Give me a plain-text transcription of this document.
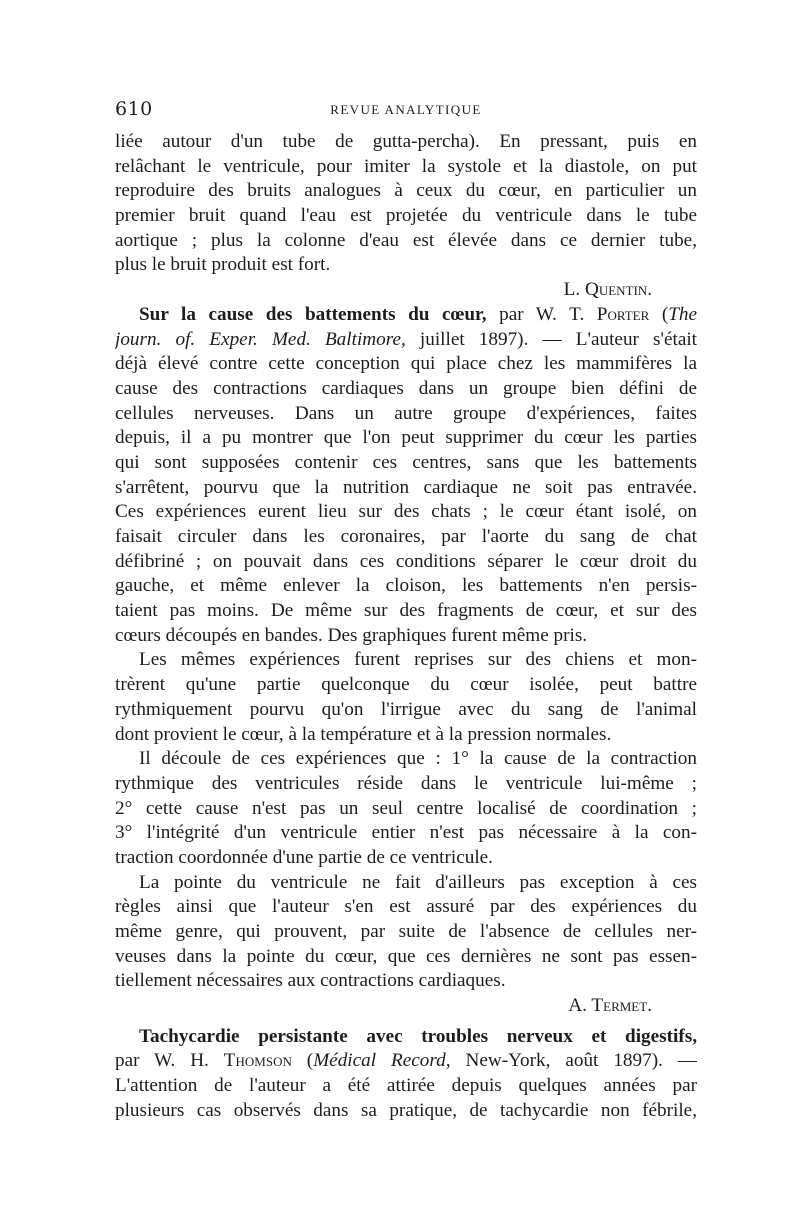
610	REVUE ANALYTIQUE
liée autour d'un tube de gutta-percha). En pressant, puis en
relâchant le ventricule, pour imiter la systole et la diastole, on put
reproduire des bruits analogues à ceux du cœur, en particulier un
premier bruit quand l'eau est projetée du ventricule dans le tube
aortique ; plus la colonne d'eau est élevée dans ce dernier tube,
plus le bruit produit est fort.
L. Quentin.
Sur la cause des battements du cœur, par W. T. Porter (The
journ. of. Exper. Med. Baltimore, juillet 1897). — L'auteur s'était
déjà élevé contre cette conception qui place chez les mammifères la
cause des contractions cardiaques dans un groupe bien défini de
cellules nerveuses. Dans un autre groupe d'expériences, faites
depuis, il a pu montrer que l'on peut supprimer du cœur les parties
qui sont supposées contenir ces centres, sans que les battements
s'arrêtent, pourvu que la nutrition cardiaque ne soit pas entravée.
Ces expériences eurent lieu sur des chats ; le cœur étant isolé, on
faisait circuler dans les coronaires, par l'aorte du sang de chat
défibriné ; on pouvait dans ces conditions séparer le cœur droit du
gauche, et même enlever la cloison, les battements n'en persis-
taient pas moins. De même sur des fragments de cœur, et sur des
cœurs découpés en bandes. Des graphiques furent même pris.
Les mêmes expériences furent reprises sur des chiens et mon-
trèrent qu'une partie quelconque du cœur isolée, peut battre
rythmiquement pourvu qu'on l'irrigue avec du sang de l'animal
dont provient le cœur, à la température et à la pression normales.
Il découle de ces expériences que : 1° la cause de la contraction
rythmique des ventricules réside dans le ventricule lui-même ;
2° cette cause n'est pas un seul centre localisé de coordination ;
3° l'intégrité d'un ventricule entier n'est pas nécessaire à la con-
traction coordonnée d'une partie de ce ventricule.
La pointe du ventricule ne fait d'ailleurs pas exception à ces
règles ainsi que l'auteur s'en est assuré par des expériences du
même genre, qui prouvent, par suite de l'absence de cellules ner-
veuses dans la pointe du cœur, que ces dernières ne sont pas essen-
tiellement nécessaires aux contractions cardiaques.
A. Termet.
Tachycardie persistante avec troubles nerveux et digestifs,
par W. H. Thomson (Médical Record, New-York, août 1897). —
L'attention de l'auteur a été attirée depuis quelques années par
plusieurs cas observés dans sa pratique, de tachycardie non fébrile,
